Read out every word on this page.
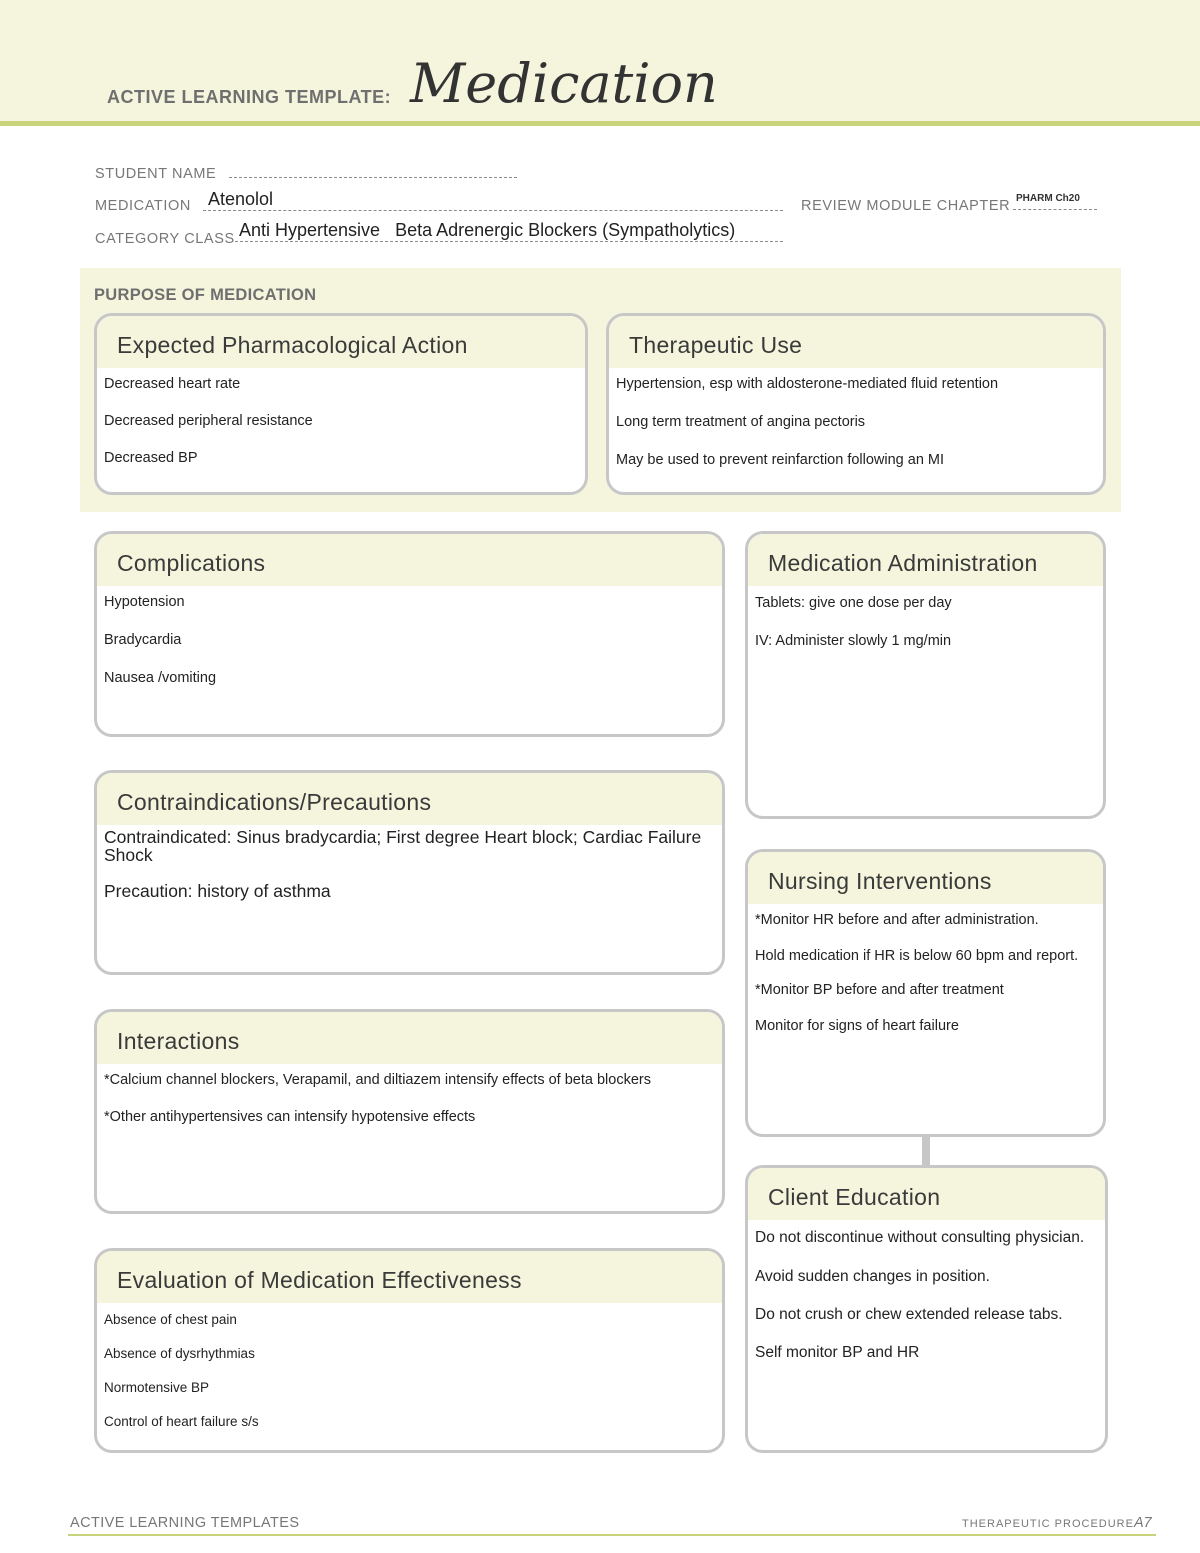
ACTIVE LEARNING TEMPLATE: Medication
STUDENT NAME
MEDICATION Atenolol	REVIEW MODULE CHAPTER PHARM Ch20
CATEGORY CLASS Anti Hypertensive   Beta Adrenergic Blockers (Sympatholytics)
PURPOSE OF MEDICATION
Expected Pharmacological Action

Decreased heart rate

Decreased peripheral resistance

Decreased BP

Therapeutic Use

Hypertension, esp with aldosterone-mediated fluid retention

Long term treatment of angina pectoris

May be used to prevent reinfarction following an MI

Complications

Hypotension

Bradycardia

Nausea /vomiting

Medication Administration

Tablets: give one dose per day

IV: Administer slowly 1 mg/min

Contraindications/Precautions
Contraindicated: Sinus bradycardia; First degree Heart block; Cardiac Failure
Shock
Precaution: history of asthma	Nursing Interventions

*Monitor HR before and after administration.

Hold medication if HR is below 60 bpm and report.

*Monitor BP before and after treatment

Monitor for signs of heart failure

Interactions

*Calcium channel blockers, Verapamil, and diltiazem intensify effects of beta blockers

*Other antihypertensives can intensify hypotensive effects

Client Education

Do not discontinue without consulting physician.

Avoid sudden changes in position.

Do not crush or chew extended release tabs.

Self monitor BP and HR

Evaluation of Medication Effectiveness

Absence of chest pain

Absence of dysrhythmias

Normotensive BP

Control of heart failure s/s

ACTIVE LEARNING TEMPLATES	THERAPEUTIC PROCEDURE A7
